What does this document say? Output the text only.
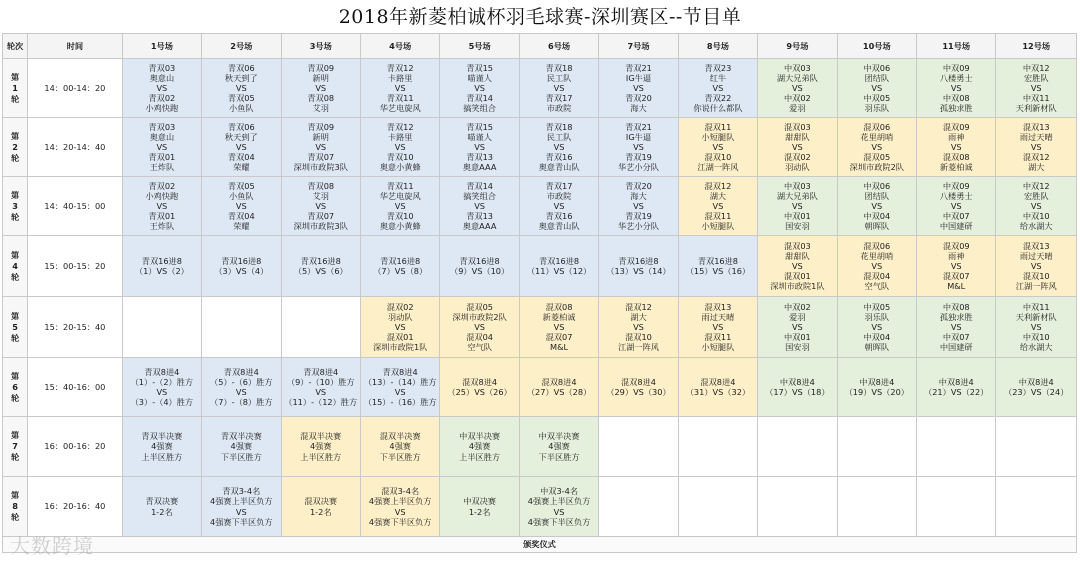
2018年新菱柏诚杯羽毛球赛-深圳赛区--节目单
轮次	时间	1号场	2号场	3号场	4号场	5号场	6号场	7号场	8号场	9号场	10号场	11号场	12号场

第
1
轮	14：00-14：20	青双03
奥意山
VS
青双02
小鸡快跑	青双06
秋天到了
VS
青双05
小鱼队	青双09
新明
VS
青双08
艾羽	青双12
卡路里
VS
青双11
华艺电旋风	青双15
喵谨人
VS
青双14
搞笑组合	青双18
民工队
VS
青双17
市政院	青双21
IG牛逼
VS
青双20
海大	青双23
红牛
VS
青双22
你说什么都队	中双03
湖大兄弟队
VS
中双02
爱羽	中双06
团结队
VS
中双05
羽乐队	中双09
八楼勇士
VS
中双08
孤独求胜	中双12
宏胜队
VS
中双11
天利新材队

第
2
轮	14：20-14：40	青双03
奥意山
VS
青双01
王炸队	青双06
秋天到了
VS
青双04
荣耀	青双09
新明
VS
青双07
深圳市政院3队	青双12
卡路里
VS
青双10
奥意小黄蜂	青双15
喵谨人
VS
青双13
奥意AAA	青双18
民工队
VS
青双16
奥意青山队	青双21
IG牛逼
VS
青双19
华艺小分队	混双11
小短腿队
VS
混双10
江湖一阵风	混双03
甜甜队
VS
混双02
羽动队	混双06
花里胡哨
VS
混双05
深圳市政院2队	混双09
雨神
VS
混双08
新菱柏诚	混双13
雨过天晴
VS
混双12
湖大

第
3
轮	14：40-15：00	青双02
小鸡快跑
VS
青双01
王炸队	青双05
小鱼队
VS
青双04
荣耀	青双08
艾羽
VS
青双07
深圳市政院3队	青双11
华艺电旋风
VS
青双10
奥意小黄蜂	青双14
搞笑组合
VS
青双13
奥意AAA	青双17
市政院
VS
青双16
奥意青山队	青双20
海大
VS
青双19
华艺小分队	混双12
湖大
VS
混双11
小短腿队	中双03
湖大兄弟队
VS
中双01
国安羽	中双06
团结队
VS
中双04
朝晖队	中双09
八楼勇士
VS
中双07
中国建研	中双12
宏胜队
VS
中双10
给水湖大

第
4
轮	15：00-15：20	青双16进8
（1）VS（2）	青双16进8
（3）VS（4）	青双16进8
（5）VS（6）	青双16进8
（7）VS（8）	青双16进8
（9）VS（10）	青双16进8
（11）VS（12）	青双16进8
（13）VS（14）	青双16进8
（15）VS（16）	混双03
甜甜队
VS
混双01
深圳市政院1队	混双06
花里胡哨
VS
混双04
空气队	混双09
雨神
VS
混双07
M&L	混双13
雨过天晴
VS
混双10
江湖一阵风

第
5
轮	15：20-15：40				混双02
羽动队
VS
混双01
深圳市政院1队	混双05
深圳市政院2队
VS
混双04
空气队	混双08
新菱柏诚
VS
混双07
M&L	混双12
湖大
VS
混双10
江湖一阵风	混双13
雨过天晴
VS
混双11
小短腿队	中双02
爱羽
VS
中双01
国安羽	中双05
羽乐队
VS
中双04
朝晖队	中双08
孤独求胜
VS
中双07
中国建研	中双11
天利新材队
VS
中双10
给水湖大

第
6
轮	15：40-16：00	青双8进4
（1）-（2）胜方
VS
（3）-（4）胜方	青双8进4
（5）-（6）胜方
VS
（7）-（8）胜方	青双8进4
（9）-（10）胜方
VS
（11）-（12）胜方	青双8进4
（13）-（14）胜方
VS
（15）-（16）胜方	混双8进4
（25）VS（26）	混双8进4
（27）VS（28）	混双8进4
（29）VS（30）	混双8进4
（31）VS（32）	中双8进4
（17）VS（18）	中双8进4
（19）VS（20）	中双8进4
（21）VS（22）	中双8进4
（23）VS（24）

第
7
轮	16：00-16：20	青双半决赛
4强赛
上半区胜方	青双半决赛
4强赛
下半区胜方	混双半决赛
4强赛
上半区胜方	混双半决赛
4强赛
下半区胜方	中双半决赛
4强赛
上半区胜方	中双半决赛
4强赛
下半区胜方						

第
8
轮	16：20-16：40	青双决赛
1-2名	青双3-4名
4强赛上半区负方
VS
4强赛下半区负方	混双决赛
1-2名	混双3-4名
4强赛上半区负方
VS
4强赛下半区负方	中双决赛
1-2名	中双3-4名
4强赛上半区负方
VS
4强赛下半区负方						

颁奖仪式													
大数跨境
